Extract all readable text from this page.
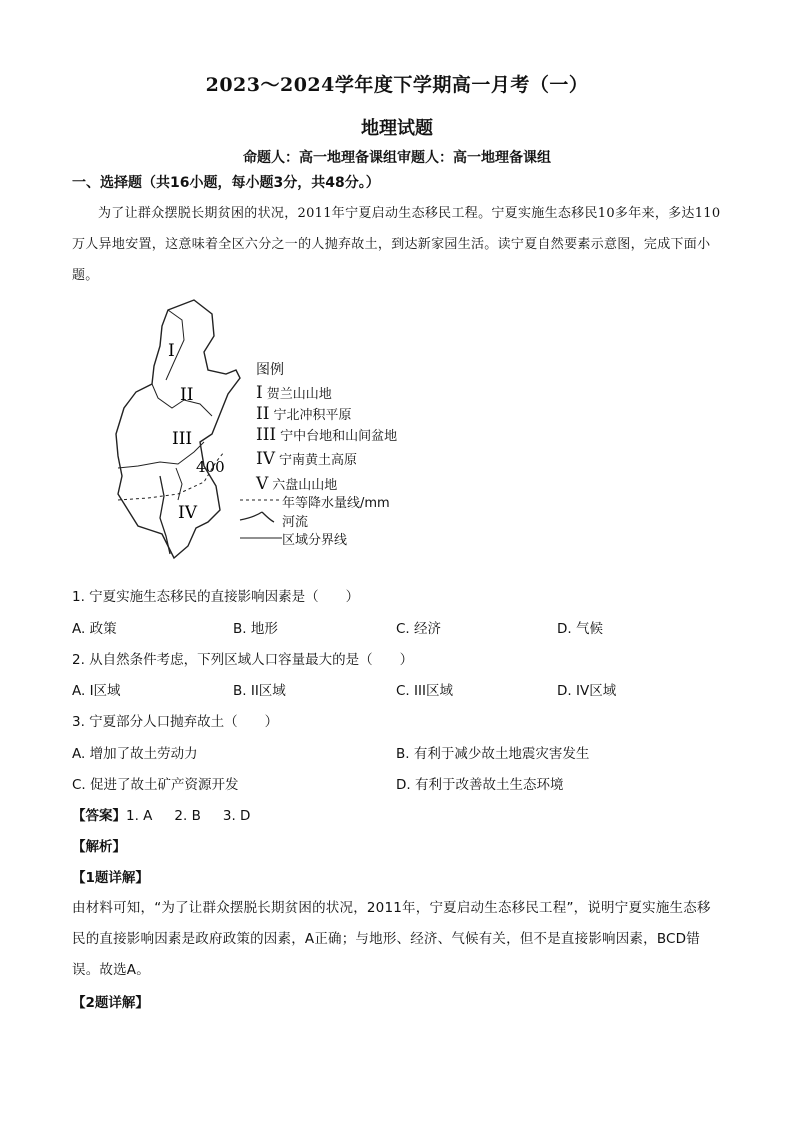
2023～2024学年度下学期高一月考（一）
地理试题
命题人：高一地理备课组审题人：高一地理备课组
一、选择题（共16小题，每小题3分，共48分。）
为了让群众摆脱长期贫困的状况，2011年宁夏启动生态移民工程。宁夏实施生态移民10多年来，多达110万人异地安置，这意味着全区六分之一的人抛弃故土，到达新家园生活。读宁夏自然要素示意图，完成下面小题。
I
II
III
IV
400
图例
I 贺兰山山地
II 宁北冲积平原
III 宁中台地和山间盆地
IV 宁南黄土高原
V 六盘山山地
年等降水量线/mm
河流
区域分界线
1. 宁夏实施生态移民的直接影响因素是（　　）
A. 政策	B. 地形	C. 经济	D. 气候
2. 从自然条件考虑，下列区域人口容量最大的是（　　）
A. I区域	B. II区域	C. III区域	D. IV区域
3. 宁夏部分人口抛弃故土（　　）
A. 增加了故土劳动力	B. 有利于减少故土地震灾害发生
C. 促进了故土矿产资源开发	D. 有利于改善故土生态环境
【答案】1. A 2. B 3. D
【解析】
【1题详解】
由材料可知，“为了让群众摆脱长期贫困的状况，2011年，宁夏启动生态移民工程”，说明宁夏实施生态移民的直接影响因素是政府政策的因素，A正确；与地形、经济、气候有关，但不是直接影响因素，BCD错误。故选A。
【2题详解】
